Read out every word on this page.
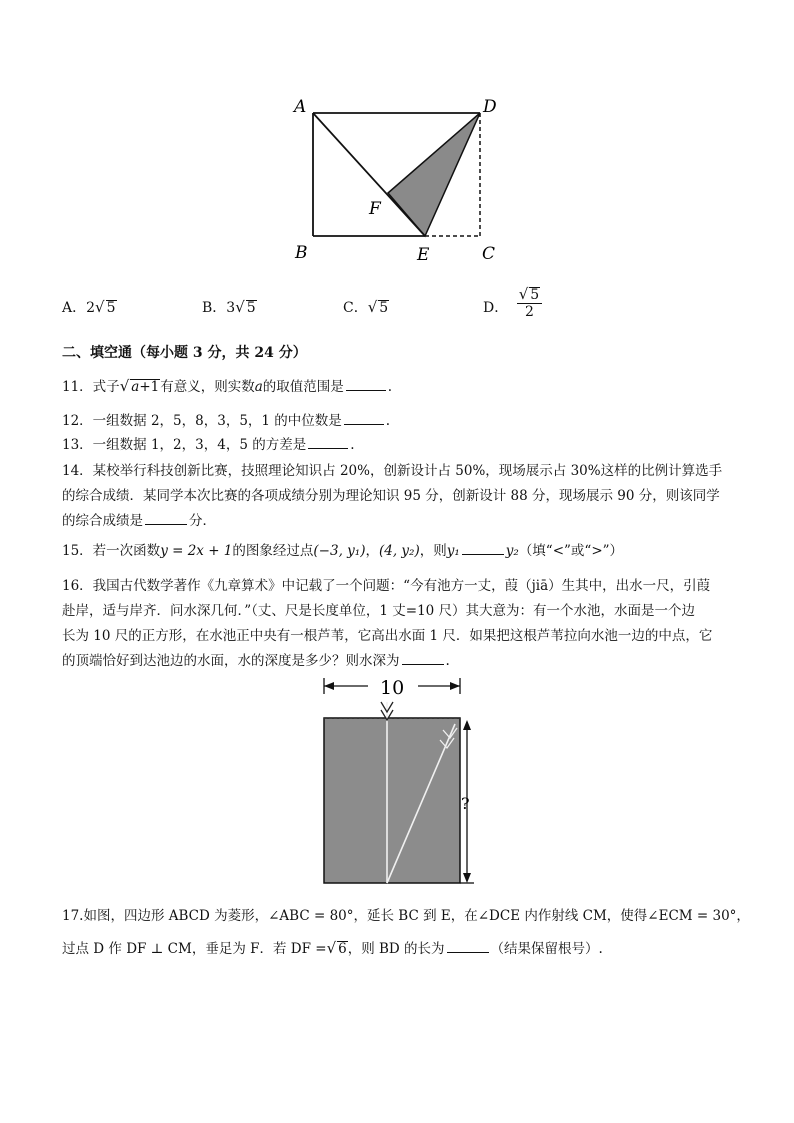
A	D
F
B	E	C
A．2√ 5	B．3√ 5	C．√ 5	D． $\frac{√ 5}{2}$
二、填空通（每小题 3 分，共 24 分）
11．式子√ a+1有意义，则实数a的取值范围是	.
12．一组数据 2，5，8，3，5，1 的中位数是	.
13．一组数据 1，2，3，4，5 的方差是	.
14．某校举行科技创新比赛，技照理论知识占 20%，创新设计占 50%，现场展示占 30%这样的比例计算选手
的综合成绩．某同学本次比赛的各项成绩分别为理论知识 95 分，创新设计 88 分，现场展示 90 分，则该同学
的综合成绩是	分．
15．若一次函数y = 2x + 1的图象经过点(−3, y₁)，(4, y₂)，则y₁	y₂（填“<”或“>”）
16．我国古代数学著作《九章算术》中记载了一个问题：“今有池方一丈，葭（jiā）生其中，出水一尺，引葭
赴岸，适与岸齐．问水深几何．”（丈、尺是长度单位，1 丈=10 尺）其大意为：有一个水池，水面是一个边
长为 10 尺的正方形，在水池正中央有一根芦苇，它高出水面 1 尺．如果把这根芦苇拉向水池一边的中点，它
的顶端恰好到达池边的水面，水的深度是多少？则水深为	.
10
?
17.如图，四边形 ABCD 为菱形，∠ABC = 80°，延长 BC 到 E，在∠DCE 内作射线 CM，使得∠ECM = 30°，
过点 D 作 DF ⊥ CM，垂足为 F．若 DF =√ 6，则 BD 的长为	（结果保留根号）.
